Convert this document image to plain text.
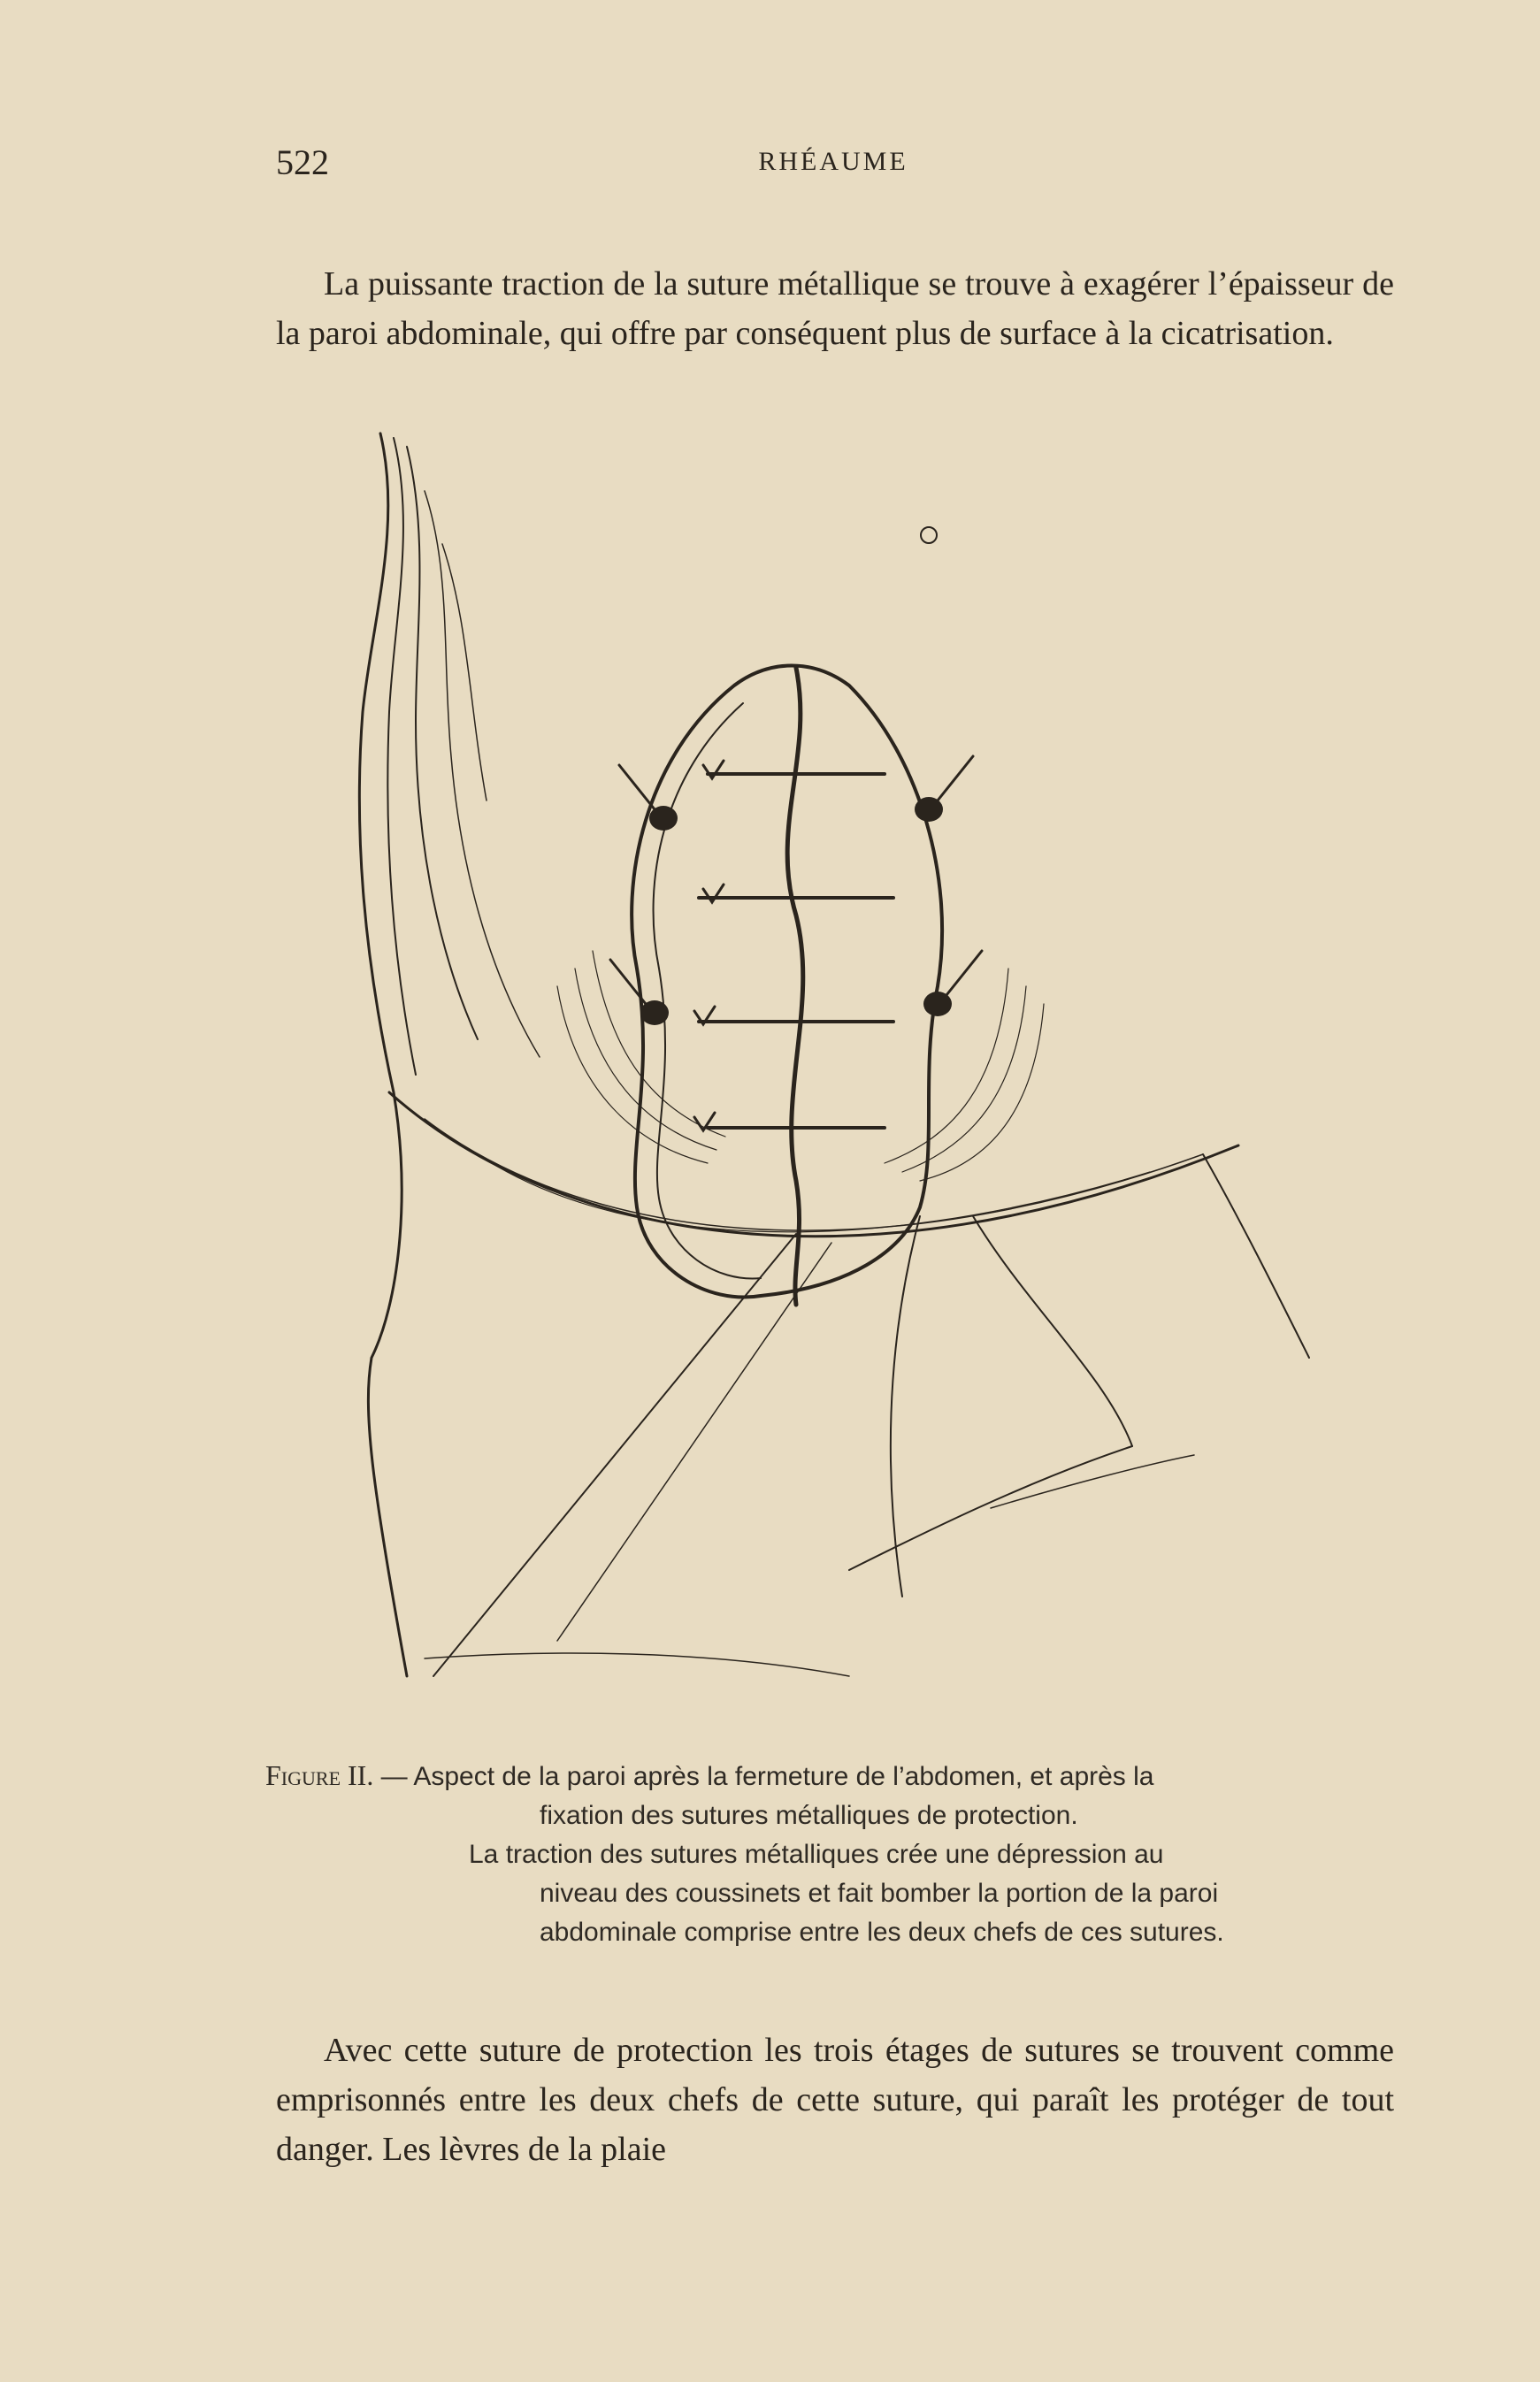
522	RHÉAUME

La puissante traction de la suture métallique se trouve à exagérer l’épaisseur de la paroi abdominale, qui offre par conséquent plus de surface à la cicatrisation.

Figure II. — Aspect de la paroi après la fermeture de l’abdomen, et après la
fixation des sutures métalliques de protection.
La traction des sutures métalliques crée une dépression au
niveau des coussinets et fait bomber la portion de la paroi
abdominale comprise entre les deux chefs de ces sutures.

Avec cette suture de protection les trois étages de sutures se trouvent comme emprisonnés entre les deux chefs de cette suture, qui paraît les protéger de tout danger. Les lèvres de la plaie
